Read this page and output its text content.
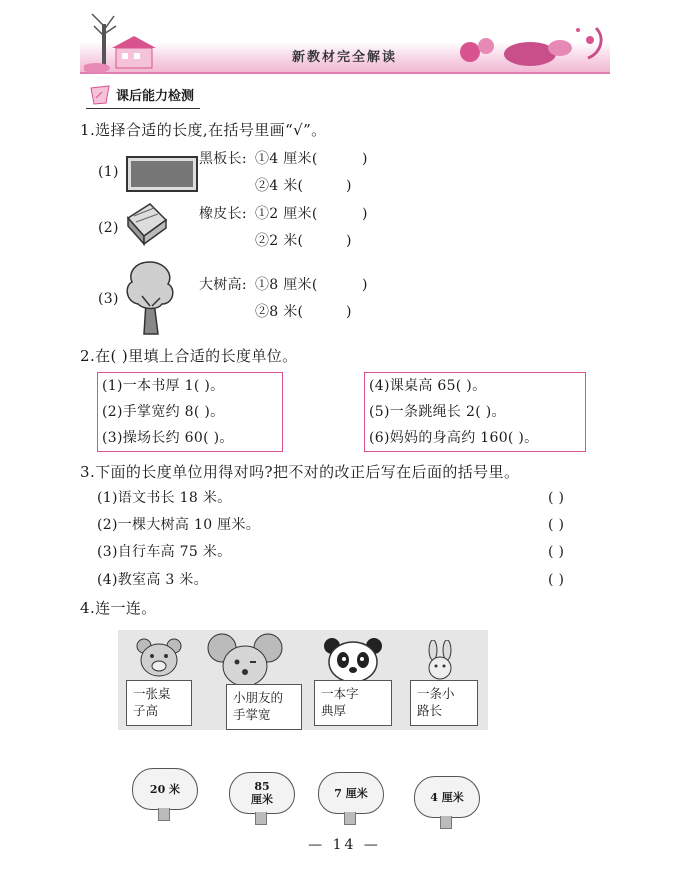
新教材完全解读
课后能力检测
1.选择合适的长度,在括号里画“√”。
(1)
黑板长: ①4 厘米(	)
②4 米(	)
(2)
橡皮长: ①2 厘米(	)
②2 米(	)
(3)
大树高: ①8 厘米(	)
②8 米(	)
2.在( )里填上合适的长度单位。
(1)一本书厚 1( )。
(2)手掌宽约 8( )。
(3)操场长约 60( )。
(4)课桌高 65( )。
(5)一条跳绳长 2( )。
(6)妈妈的身高约 160( )。
3.下面的长度单位用得对吗?把不对的改正后写在后面的括号里。
(1)语文书长 18 米。	( )
(2)一棵大树高 10 厘米。	( )
(3)自行车高 75 米。	( )
(4)教室高 3 米。	( )
4.连一连。
一张桌
子高
小朋友的
手掌宽
一本字
典厚
一条小
路长
20 米	85
厘米	7 厘米	4 厘米
— 14 —
